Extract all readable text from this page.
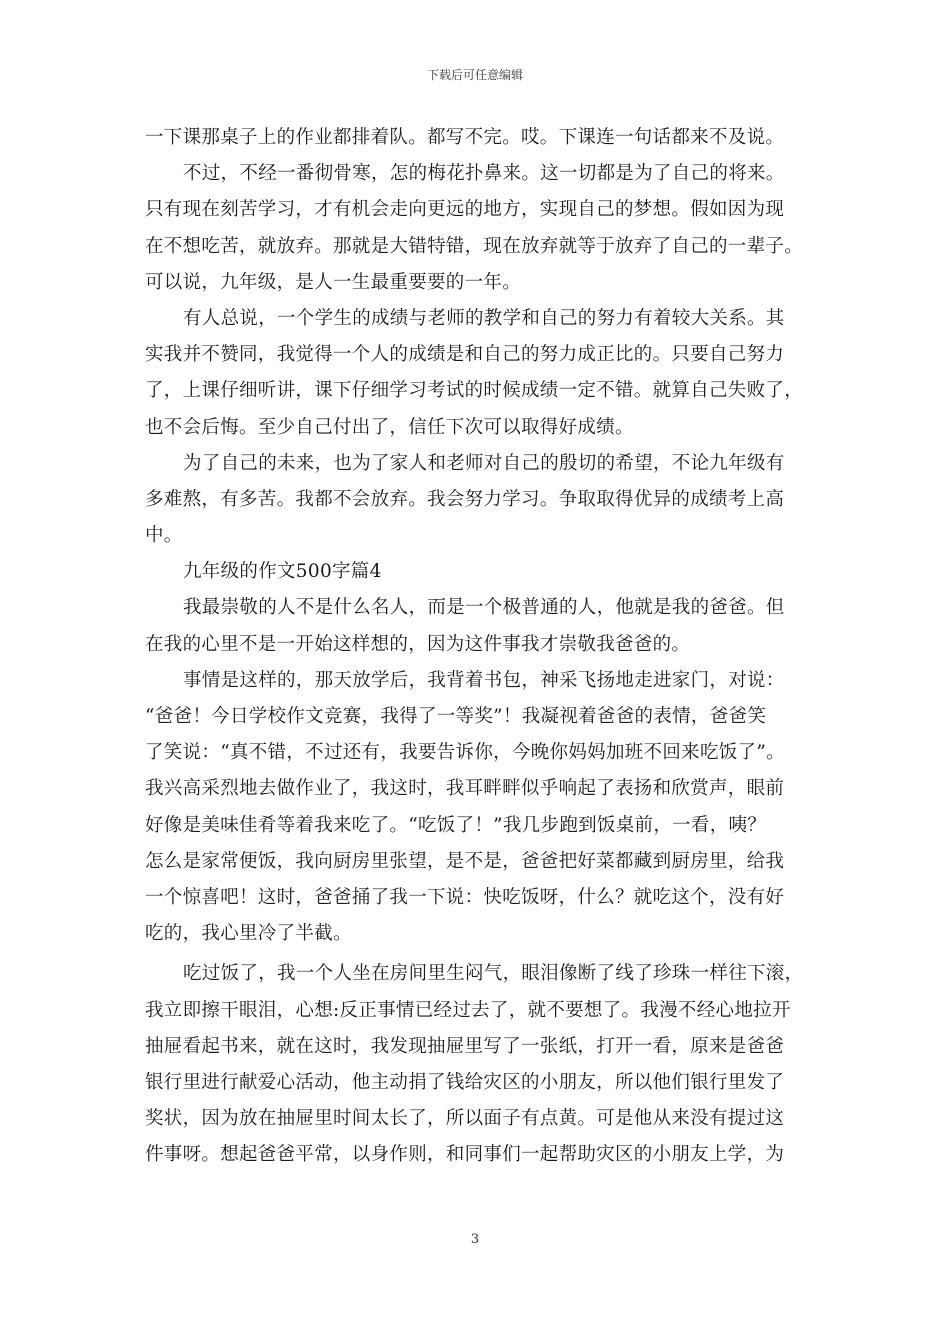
下载后可任意编辑
一下课那桌子上的作业都排着队。都写不完。哎。下课连一句话都来不及说。
不过，不经一番彻骨寒，怎的梅花扑鼻来。这一切都是为了自己的将来。
只有现在刻苦学习，才有机会走向更远的地方，实现自己的梦想。假如因为现
在不想吃苦，就放弃。那就是大错特错，现在放弃就等于放弃了自己的一辈子。
可以说，九年级，是人一生最重要要的一年。
有人总说，一个学生的成绩与老师的教学和自己的努力有着较大关系。其
实我并不赞同，我觉得一个人的成绩是和自己的努力成正比的。只要自己努力
了，上课仔细听讲，课下仔细学习考试的时候成绩一定不错。就算自己失败了，
也不会后悔。至少自己付出了，信任下次可以取得好成绩。
为了自己的未来，也为了家人和老师对自己的殷切的希望，不论九年级有
多难熬，有多苦。我都不会放弃。我会努力学习。争取取得优异的成绩考上高
中。
九年级的作文500字篇4
我最崇敬的人不是什么名人，而是一个极普通的人，他就是我的爸爸。但
在我的心里不是一开始这样想的，因为这件事我才崇敬我爸爸的。
事情是这样的，那天放学后，我背着书包，神采飞扬地走进家门，对说：
“爸爸！今日学校作文竞赛，我得了一等奖”！我凝视着爸爸的表情，爸爸笑
了笑说：“真不错，不过还有，我要告诉你，今晚你妈妈加班不回来吃饭了”。
我兴高采烈地去做作业了，我这时，我耳畔畔似乎响起了表扬和欣赏声，眼前
好像是美味佳肴等着我来吃了。“吃饭了！”我几步跑到饭桌前，一看，咦？
怎么是家常便饭，我向厨房里张望，是不是，爸爸把好菜都藏到厨房里，给我
一个惊喜吧！这时，爸爸捅了我一下说：快吃饭呀，什么？就吃这个，没有好
吃的，我心里冷了半截。
吃过饭了，我一个人坐在房间里生闷气，眼泪像断了线了珍珠一样往下滚，
我立即擦干眼泪，心想:反正事情已经过去了，就不要想了。我漫不经心地拉开
抽屉看起书来，就在这时，我发现抽屉里写了一张纸，打开一看，原来是爸爸
银行里进行献爱心活动，他主动捐了钱给灾区的小朋友，所以他们银行里发了
奖状，因为放在抽屉里时间太长了，所以面子有点黄。可是他从来没有提过这
件事呀。想起爸爸平常，以身作则，和同事们一起帮助灾区的小朋友上学，为
3
